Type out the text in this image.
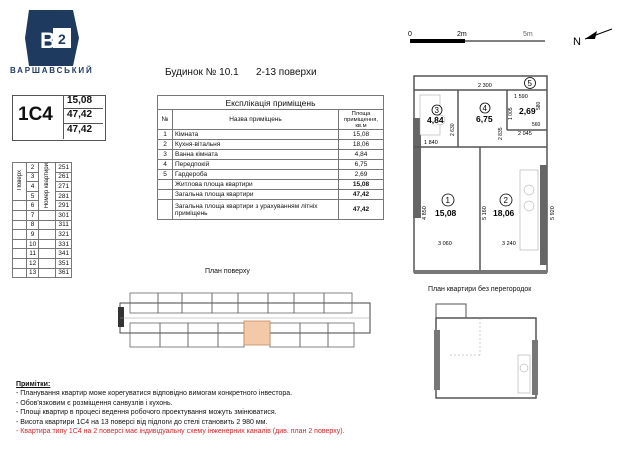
B 2
ВАРШАВСЬКИЙ	Будинок № 10.1 2-13 поверхи
1С4
15,08
47,42
47,42
Експлікація приміщень		
№	Назва приміщень	Площа приміщення, кв.м
1	Кімната	15,08
2	Кухня-вітальня	18,06
3	Ванна кімната	4,84
4	Передпокій	6,75
5	Гардероба	2,69
	Житлова площа квартири	15,08
	Загальна площа квартири	47,42
	Загальна площа квартири з урахуванням літніх приміщень	47,42
Поверх	2	Номер квартири	251
	3		261
	4		271
	5		281
	6		291
	7		301
	8		311
	9		321
	10		331
	11		341
	12		351
	13		361
0	2m	5m
N
3
4,84
4
6,75
5
2,69
1
15,08
2
18,06
2 300
1 590
1 840
2 045
3 060	3 240
4 850	5 160	5 920
2 835
1 005
2 630
580
560
План поверху
План квартири без перегородок
Примітки:
- Планування квартир може корегуватися відповідно вимогам конкретного інвестора.
- Обов'язковим є розміщення санвузлів і кухонь.
- Площі квартир в процесі ведення робочого проектування можуть змінюватися.
- Висота квартири 1С4 на 13 поверсі від підлоги до стелі становить 2 980 мм.
- Квартира типу 1С4 на 2 поверсі має індивідуальну схему інженерних каналів (див. план 2 поверху).
